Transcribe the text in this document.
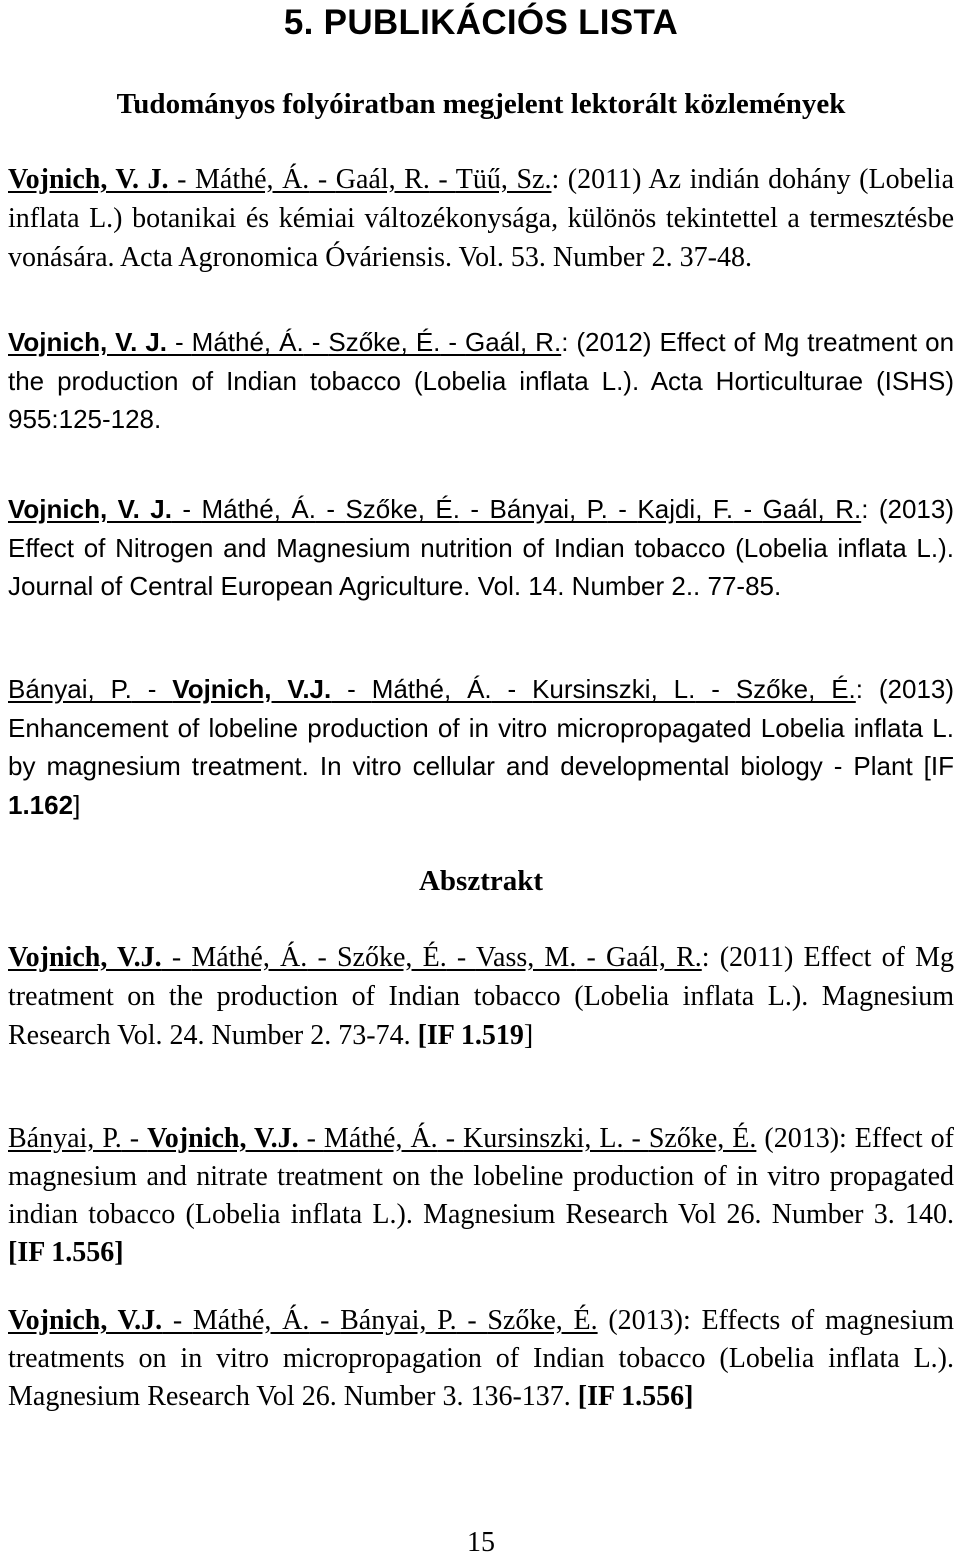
5. PUBLIKÁCIÓS LISTA
Tudományos folyóiratban megjelent lektorált közlemények
Vojnich, V. J. - Máthé, Á. - Gaál, R. - Tüű, Sz.: (2011) Az indián dohány (Lobelia inflata L.) botanikai és kémiai változékonysága, különös tekintettel a termesztésbe vonására. Acta Agronomica Óváriensis. Vol. 53. Number 2. 37-48.
Vojnich, V. J. - Máthé, Á. - Szőke, É. - Gaál, R.: (2012) Effect of Mg treatment on the production of Indian tobacco (Lobelia inflata L.). Acta Horticulturae (ISHS) 955:125-128.
Vojnich, V. J. - Máthé, Á. - Szőke, É. - Bányai, P. - Kajdi, F. - Gaál, R.: (2013) Effect of Nitrogen and Magnesium nutrition of Indian tobacco (Lobelia inflata L.). Journal of Central European Agriculture. Vol. 14. Number 2.. 77-85.
Bányai, P. - Vojnich, V.J. - Máthé, Á. - Kursinszki, L. - Szőke, É.: (2013) Enhancement of lobeline production of in vitro micropropagated Lobelia inflata L. by magnesium treatment. In vitro cellular and developmental biology - Plant [IF 1.162]
Absztrakt
Vojnich, V.J. - Máthé, Á. - Szőke, É. - Vass, M. - Gaál, R.: (2011) Effect of Mg treatment on the production of Indian tobacco (Lobelia inflata L.). Magnesium Research Vol. 24. Number 2. 73-74. [IF 1.519]
Bányai, P. - Vojnich, V.J. - Máthé, Á. - Kursinszki, L. - Szőke, É. (2013): Effect of magnesium and nitrate treatment on the lobeline production of in vitro propagated indian tobacco (Lobelia inflata L.). Magnesium Research Vol 26. Number 3. 140. [IF 1.556]
Vojnich, V.J. - Máthé, Á. - Bányai, P. - Szőke, É. (2013): Effects of magnesium treatments on in vitro micropropagation of Indian tobacco (Lobelia inflata L.). Magnesium Research Vol 26. Number 3. 136-137. [IF 1.556]
15
